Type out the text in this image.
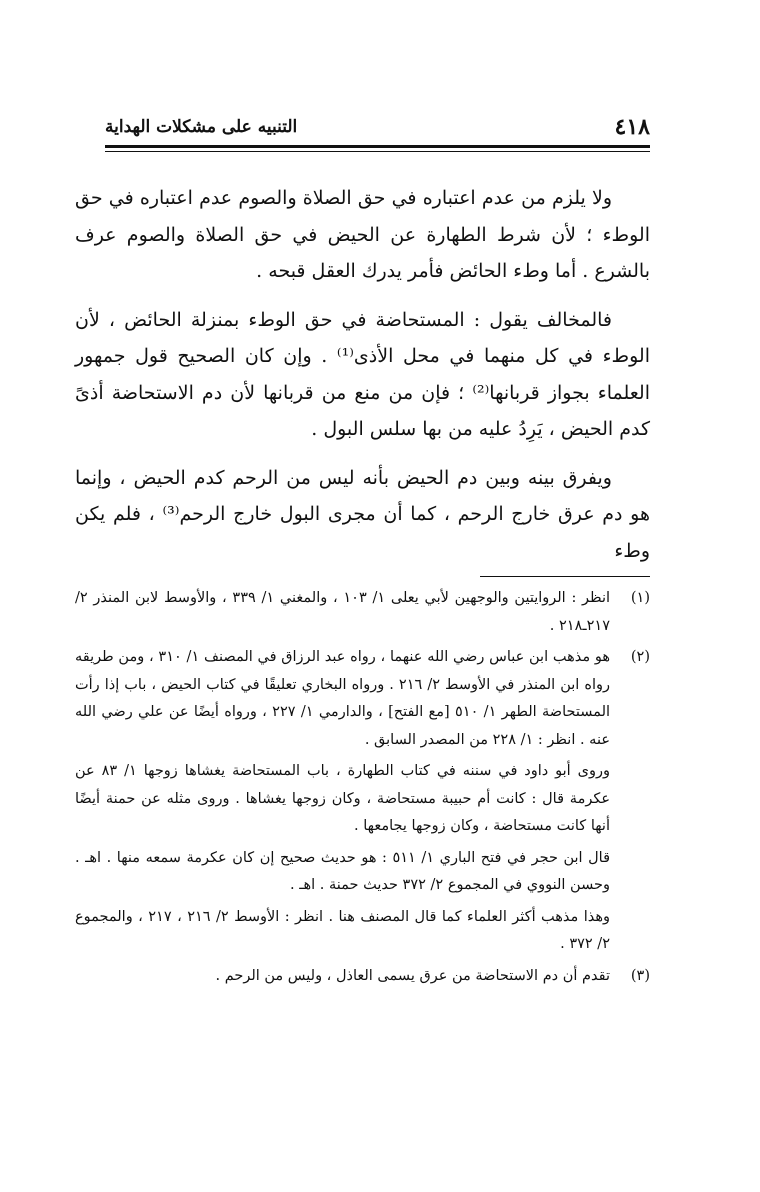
٤١٨
التنبيه على مشكلات الهداية

ولا يلزم من عدم اعتباره في حق الصلاة والصوم عدم اعتباره في حق الوطء ؛ لأن شرط الطهارة عن الحيض في حق الصلاة والصوم عرف بالشرع . أما وطء الحائض فأمر يدرك العقل قبحه .

فالمخالف يقول : المستحاضة في حق الوطء بمنزلة الحائض ، لأن الوطء في كل منهما في محل الأذى⁽¹⁾ . وإن كان الصحيح قول جمهور العلماء بجواز قربانها⁽²⁾ ؛ فإن من منع من قربانها لأن دم الاستحاضة أذىً كدم الحيض ، يَرِدُ عليه من بها سلس البول .

ويفرق بينه وبين دم الحيض بأنه ليس من الرحم كدم الحيض ، وإنما هو دم عرق خارج الرحم ، كما أن مجرى البول خارج الرحم⁽³⁾ ، فلم يكن وطء

(١)

انظر : الروايتين والوجهين لأبي يعلى ١/ ١٠٣ ، والمغني ١/ ٣٣٩ ، والأوسط لابن المنذر ٢/ ٢١٧ـ٢١٨ .

(٢)

هو مذهب ابن عباس رضي الله عنهما ، رواه عبد الرزاق في المصنف ١/ ٣١٠ ، ومن طريقه رواه ابن المنذر في الأوسط ٢/ ٢١٦ . ورواه البخاري تعليقًا في كتاب الحيض ، باب إذا رأت المستحاضة الطهر ١/ ٥١٠ [مع الفتح] ، والدارمي ١/ ٢٢٧ ، ورواه أيضًا عن علي رضي الله عنه . انظر : ١/ ٢٢٨ من المصدر السابق .

وروى أبو داود في سننه في كتاب الطهارة ، باب المستحاضة يغشاها زوجها ١/ ٨٣ عن عكرمة قال : كانت أم حبيبة مستحاضة ، وكان زوجها يغشاها . وروى مثله عن حمنة أيضًا أنها كانت مستحاضة ، وكان زوجها يجامعها .

قال ابن حجر في فتح الباري ١/ ٥١١ : هو حديث صحيح إن كان عكرمة سمعه منها . اهـ . وحسن النووي في المجموع ٢/ ٣٧٢ حديث حمنة . اهـ .

وهذا مذهب أكثر العلماء كما قال المصنف هنا . انظر : الأوسط ٢/ ٢١٦ ، ٢١٧ ، والمجموع ٢/ ٣٧٢ .

(٣)

تقدم أن دم الاستحاضة من عرق يسمى العاذل ، وليس من الرحم .
